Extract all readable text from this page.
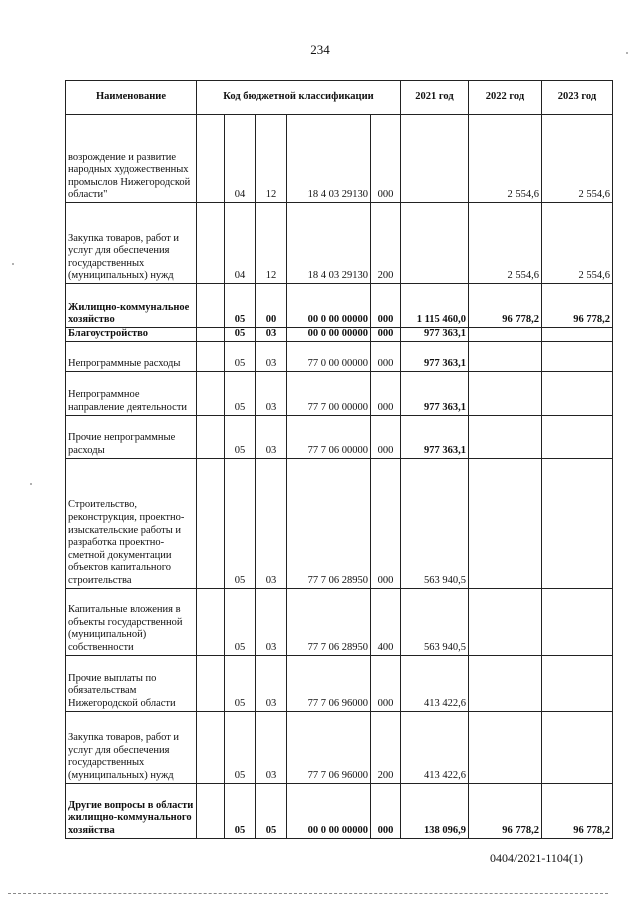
234
Наименование	Код бюджетной классификации					2021 год	2022 год	2023 год
возрождение и развитие народных художественных промыслов Нижегородской области"		04	12	18 4 03 29130	000		2 554,6	2 554,6
Закупка товаров, работ и услуг для обеспечения государственных (муниципальных) нужд		04	12	18 4 03 29130	200		2 554,6	2 554,6
Жилищно-коммунальное хозяйство		05	00	00 0 00 00000	000	1 115 460,0	96 778,2	96 778,2
Благоустройство		05	03	00 0 00 00000	000	977 363,1		
Непрограммные расходы		05	03	77 0 00 00000	000	977 363,1		
Непрограммное направление деятельности		05	03	77 7 00 00000	000	977 363,1		
Прочие непрограммные расходы		05	03	77 7 06 00000	000	977 363,1		
Строительство, реконструкция, проектно-изыскательские работы и разработка проектно-сметной документации объектов капитального строительства		05	03	77 7 06 28950	000	563 940,5		
Капитальные вложения в объекты государственной (муниципальной) собственности		05	03	77 7 06 28950	400	563 940,5		
Прочие выплаты по обязательствам Нижегородской области		05	03	77 7 06 96000	000	413 422,6		
Закупка товаров, работ и услуг для обеспечения государственных (муниципальных) нужд		05	03	77 7 06 96000	200	413 422,6		
Другие вопросы в области жилищно-коммунального хозяйства		05	05	00 0 00 00000	000	138 096,9	96 778,2	96 778,2
0404/2021-1104(1)
